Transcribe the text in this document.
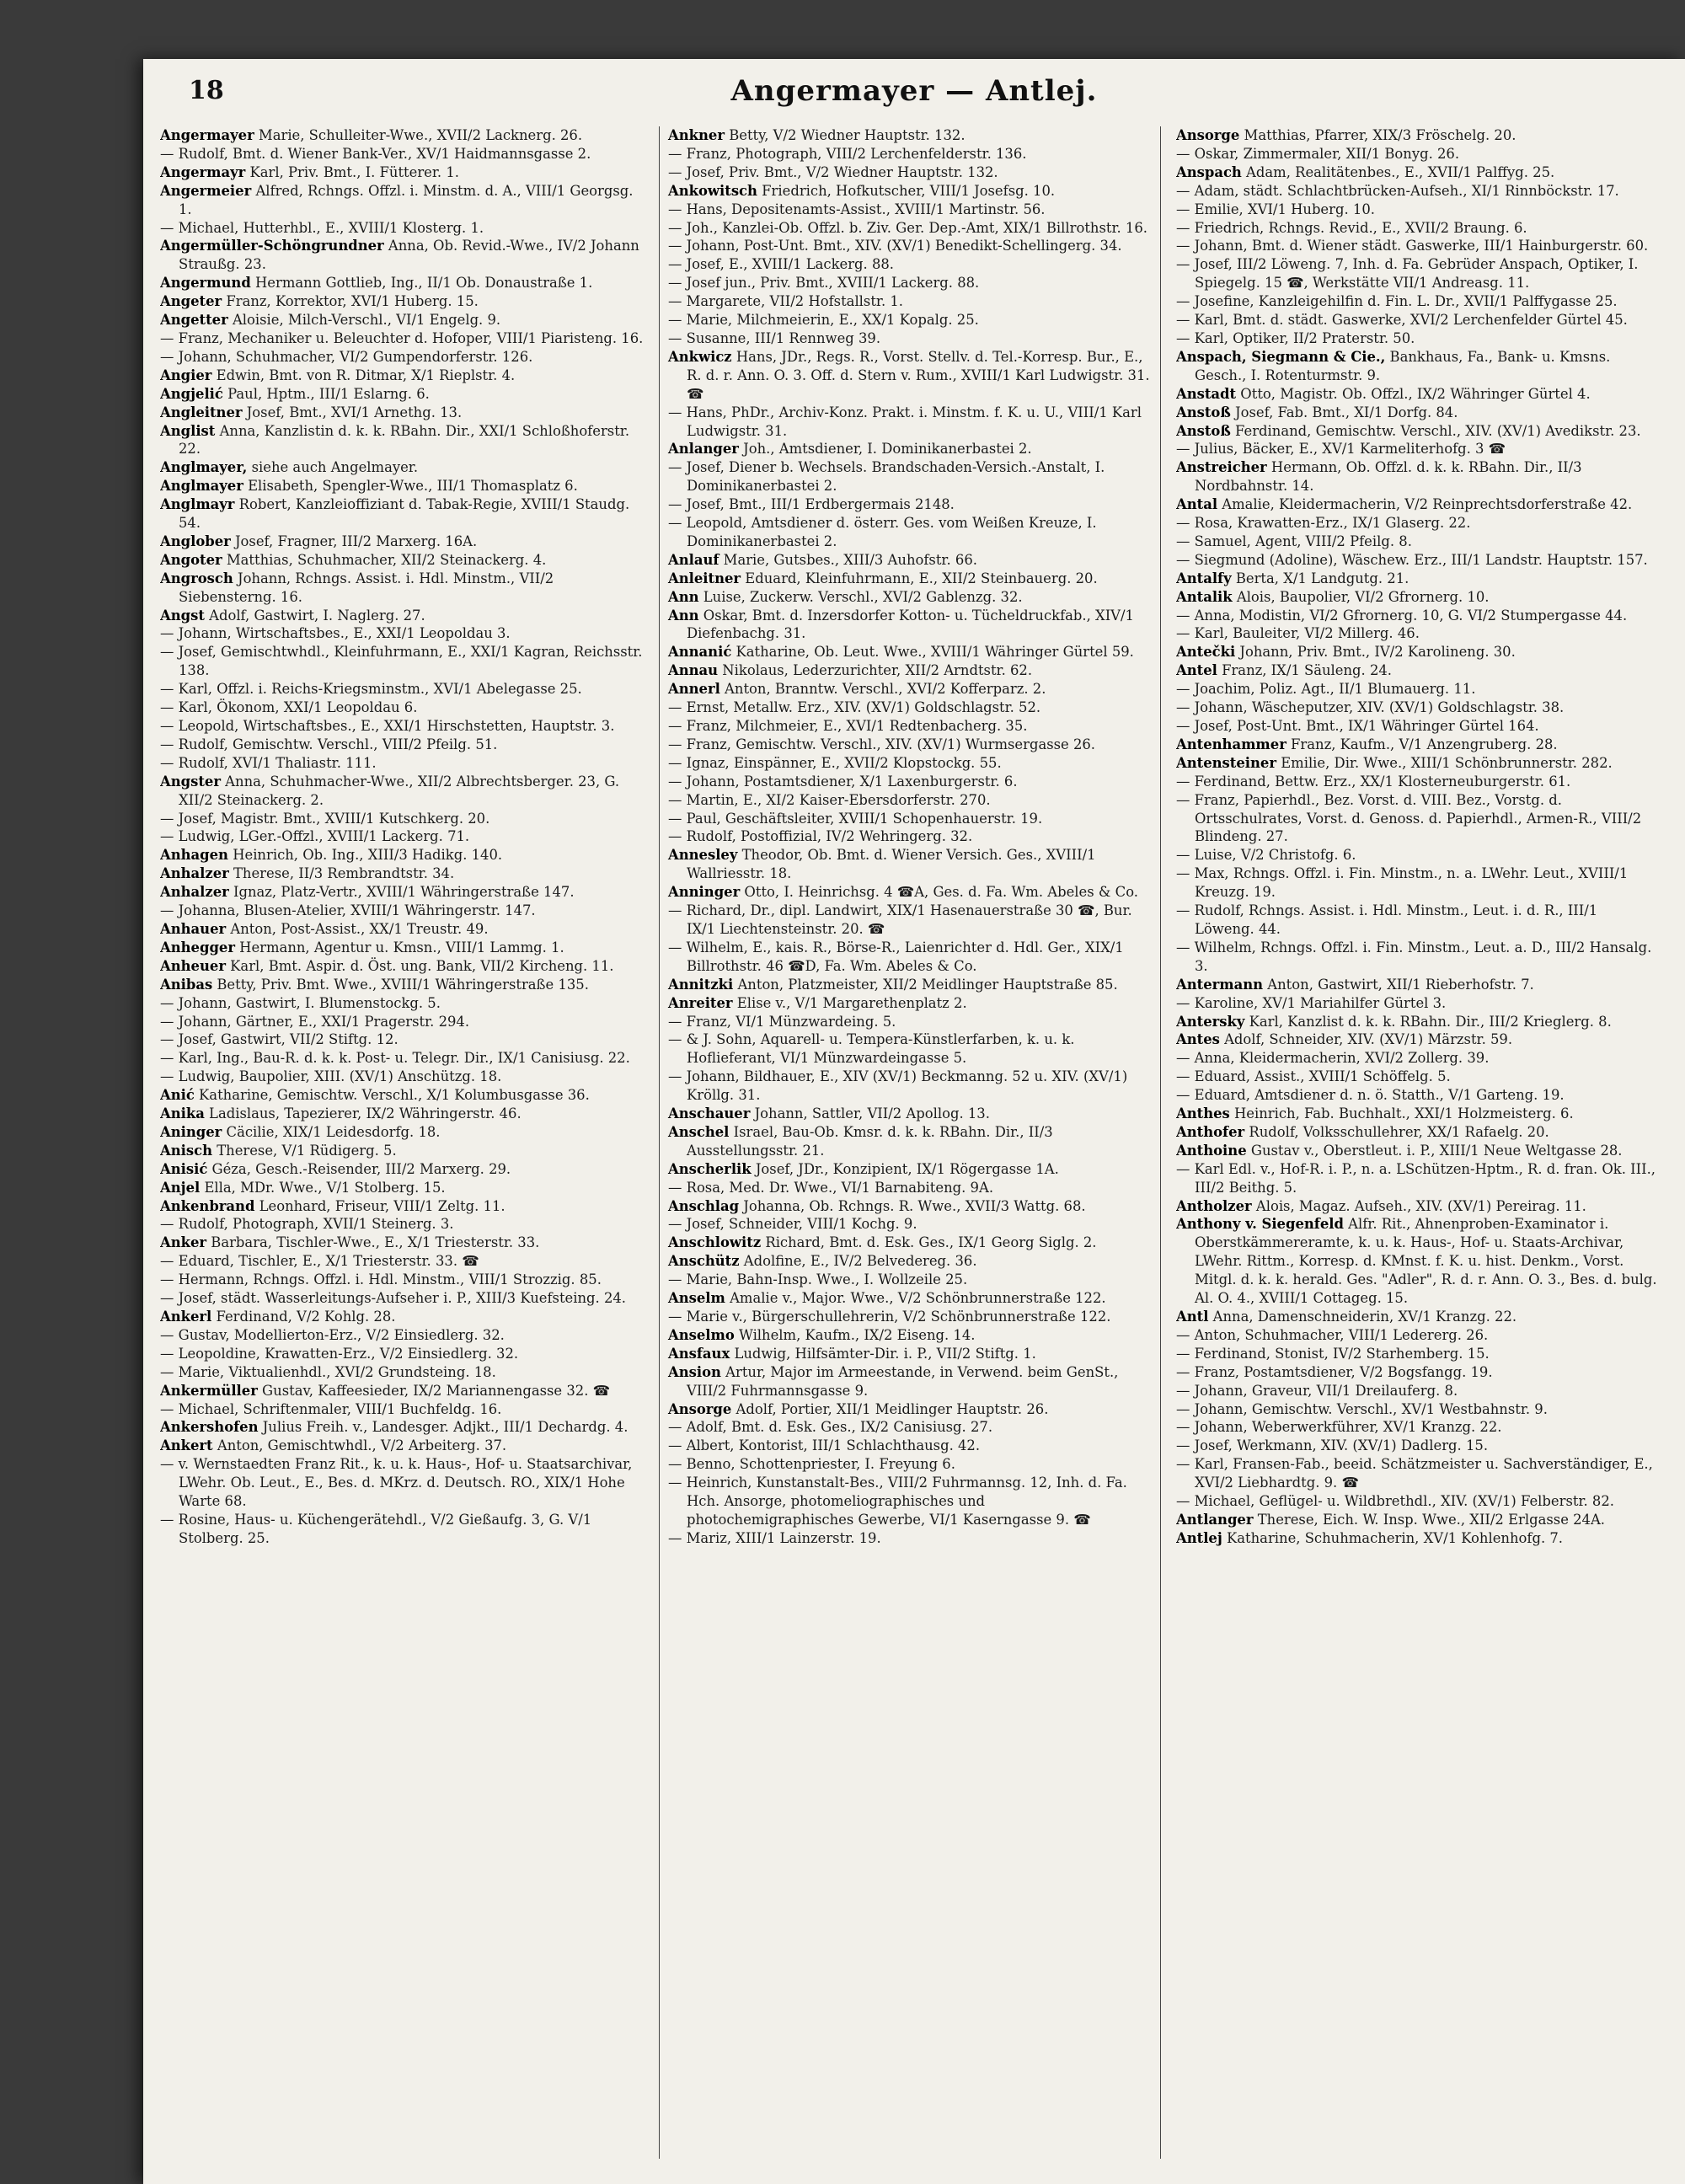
18	Angermayer — Antlej.

Angermayer Marie, Schulleiter-Wwe., XVII/2 Lacknerg. 26.

— Rudolf, Bmt. d. Wiener Bank-Ver., XV/1 Haidmannsgasse 2.

Angermayr Karl, Priv. Bmt., I. Fütterer. 1.

Angermeier Alfred, Rchngs. Offzl. i. Minstm. d. A., VIII/1 Georgsg. 1.

— Michael, Hutterhbl., E., XVIII/1 Klosterg. 1.

Angermüller-Schöngrundner Anna, Ob. Revid.-Wwe., IV/2 Johann Straußg. 23.

Angermund Hermann Gottlieb, Ing., II/1 Ob. Donaustraße 1.

Angeter Franz, Korrektor, XVI/1 Huberg. 15.

Angetter Aloisie, Milch-Verschl., VI/1 Engelg. 9.

— Franz, Mechaniker u. Beleuchter d. Hofoper, VIII/1 Piaristeng. 16.

— Johann, Schuhmacher, VI/2 Gumpendorferstr. 126.

Angier Edwin, Bmt. von R. Ditmar, X/1 Rieplstr. 4.

Angjelić Paul, Hptm., III/1 Eslarng. 6.

Angleitner Josef, Bmt., XVI/1 Arnethg. 13.

Anglist Anna, Kanzlistin d. k. k. RBahn. Dir., XXI/1 Schloßhoferstr. 22.

Anglmayer, siehe auch Angelmayer.

Anglmayer Elisabeth, Spengler-Wwe., III/1 Thomasplatz 6.

Anglmayr Robert, Kanzleioffiziant d. Tabak-Regie, XVIII/1 Staudg. 54.

Anglober Josef, Fragner, III/2 Marxerg. 16A.

Angoter Matthias, Schuhmacher, XII/2 Steinackerg. 4.

Angrosch Johann, Rchngs. Assist. i. Hdl. Minstm., VII/2 Siebensterng. 16.

Angst Adolf, Gastwirt, I. Naglerg. 27.

— Johann, Wirtschaftsbes., E., XXI/1 Leopoldau 3.

— Josef, Gemischtwhdl., Kleinfuhrmann, E., XXI/1 Kagran, Reichsstr. 138.

— Karl, Offzl. i. Reichs-Kriegsminstm., XVI/1 Abelegasse 25.

— Karl, Ökonom, XXI/1 Leopoldau 6.

— Leopold, Wirtschaftsbes., E., XXI/1 Hirschstetten, Hauptstr. 3.

— Rudolf, Gemischtw. Verschl., VIII/2 Pfeilg. 51.

— Rudolf, XVI/1 Thaliastr. 111.

Angster Anna, Schuhmacher-Wwe., XII/2 Albrechtsberger. 23, G. XII/2 Steinackerg. 2.

— Josef, Magistr. Bmt., XVIII/1 Kutschkerg. 20.

— Ludwig, LGer.-Offzl., XVIII/1 Lackerg. 71.

Anhagen Heinrich, Ob. Ing., XIII/3 Hadikg. 140.

Anhalzer Therese, II/3 Rembrandtstr. 34.

Anhalzer Ignaz, Platz-Vertr., XVIII/1 Währingerstraße 147.

— Johanna, Blusen-Atelier, XVIII/1 Währingerstr. 147.

Anhauer Anton, Post-Assist., XX/1 Treustr. 49.

Anhegger Hermann, Agentur u. Kmsn., VIII/1 Lammg. 1.

Anheuer Karl, Bmt. Aspir. d. Öst. ung. Bank, VII/2 Kircheng. 11.

Anibas Betty, Priv. Bmt. Wwe., XVIII/1 Währingerstraße 135.

— Johann, Gastwirt, I. Blumenstockg. 5.

— Johann, Gärtner, E., XXI/1 Pragerstr. 294.

— Josef, Gastwirt, VII/2 Stiftg. 12.

— Karl, Ing., Bau-R. d. k. k. Post- u. Telegr. Dir., IX/1 Canisiusg. 22.

— Ludwig, Baupolier, XIII. (XV/1) Anschützg. 18.

Anić Katharine, Gemischtw. Verschl., X/1 Kolumbusgasse 36.

Anika Ladislaus, Tapezierer, IX/2 Währingerstr. 46.

Aninger Cäcilie, XIX/1 Leidesdorfg. 18.

Anisch Therese, V/1 Rüdigerg. 5.

Anisić Géza, Gesch.-Reisender, III/2 Marxerg. 29.

Anjel Ella, MDr. Wwe., V/1 Stolberg. 15.

Ankenbrand Leonhard, Friseur, VIII/1 Zeltg. 11.

— Rudolf, Photograph, XVII/1 Steinerg. 3.

Anker Barbara, Tischler-Wwe., E., X/1 Triesterstr. 33.

— Eduard, Tischler, E., X/1 Triesterstr. 33. ☎

— Hermann, Rchngs. Offzl. i. Hdl. Minstm., VIII/1 Strozzig. 85.

— Josef, städt. Wasserleitungs-Aufseher i. P., XIII/3 Kuefsteing. 24.

Ankerl Ferdinand, V/2 Kohlg. 28.

— Gustav, Modellierton-Erz., V/2 Einsiedlerg. 32.

— Leopoldine, Krawatten-Erz., V/2 Einsiedlerg. 32.

— Marie, Viktualienhdl., XVI/2 Grundsteing. 18.

Ankermüller Gustav, Kaffeesieder, IX/2 Mariannengasse 32. ☎

— Michael, Schriftenmaler, VIII/1 Buchfeldg. 16.

Ankershofen Julius Freih. v., Landesger. Adjkt., III/1 Dechardg. 4.

Ankert Anton, Gemischtwhdl., V/2 Arbeiterg. 37.

— v. Wernstaedten Franz Rit., k. u. k. Haus-, Hof- u. Staatsarchivar, LWehr. Ob. Leut., E., Bes. d. MKrz. d. Deutsch. RO., XIX/1 Hohe Warte 68.

— Rosine, Haus- u. Küchengerätehdl., V/2 Gießaufg. 3, G. V/1 Stolberg. 25.

Ankner Betty, V/2 Wiedner Hauptstr. 132.

— Franz, Photograph, VIII/2 Lerchenfelderstr. 136.

— Josef, Priv. Bmt., V/2 Wiedner Hauptstr. 132.

Ankowitsch Friedrich, Hofkutscher, VIII/1 Josefsg. 10.

— Hans, Depositenamts-Assist., XVIII/1 Martinstr. 56.

— Joh., Kanzlei-Ob. Offzl. b. Ziv. Ger. Dep.-Amt, XIX/1 Billrothstr. 16.

— Johann, Post-Unt. Bmt., XIV. (XV/1) Benedikt-Schellingerg. 34.

— Josef, E., XVIII/1 Lackerg. 88.

— Josef jun., Priv. Bmt., XVIII/1 Lackerg. 88.

— Margarete, VII/2 Hofstallstr. 1.

— Marie, Milchmeierin, E., XX/1 Kopalg. 25.

— Susanne, III/1 Rennweg 39.

Ankwicz Hans, JDr., Regs. R., Vorst. Stellv. d. Tel.-Korresp. Bur., E., R. d. r. Ann. O. 3. Off. d. Stern v. Rum., XVIII/1 Karl Ludwigstr. 31. ☎

— Hans, PhDr., Archiv-Konz. Prakt. i. Minstm. f. K. u. U., VIII/1 Karl Ludwigstr. 31.

Anlanger Joh., Amtsdiener, I. Dominikanerbastei 2.

— Josef, Diener b. Wechsels. Brandschaden-Versich.-Anstalt, I. Dominikanerbastei 2.

— Josef, Bmt., III/1 Erdbergermais 2148.

— Leopold, Amtsdiener d. österr. Ges. vom Weißen Kreuze, I. Dominikanerbastei 2.

Anlauf Marie, Gutsbes., XIII/3 Auhofstr. 66.

Anleitner Eduard, Kleinfuhrmann, E., XII/2 Steinbauerg. 20.

Ann Luise, Zuckerw. Verschl., XVI/2 Gablenzg. 32.

Ann Oskar, Bmt. d. Inzersdorfer Kotton- u. Tücheldruckfab., XIV/1 Diefenbachg. 31.

Annanić Katharine, Ob. Leut. Wwe., XVIII/1 Währinger Gürtel 59.

Annau Nikolaus, Lederzurichter, XII/2 Arndtstr. 62.

Annerl Anton, Branntw. Verschl., XVI/2 Kofferparz. 2.

— Ernst, Metallw. Erz., XIV. (XV/1) Goldschlagstr. 52.

— Franz, Milchmeier, E., XVI/1 Redtenbacherg. 35.

— Franz, Gemischtw. Verschl., XIV. (XV/1) Wurmsergasse 26.

— Ignaz, Einspänner, E., XVII/2 Klopstockg. 55.

— Johann, Postamtsdiener, X/1 Laxenburgerstr. 6.

— Martin, E., XI/2 Kaiser-Ebersdorferstr. 270.

— Paul, Geschäftsleiter, XVIII/1 Schopenhauerstr. 19.

— Rudolf, Postoffizial, IV/2 Wehringerg. 32.

Annesley Theodor, Ob. Bmt. d. Wiener Versich. Ges., XVIII/1 Wallriesstr. 18.

Anninger Otto, I. Heinrichsg. 4 ☎A, Ges. d. Fa. Wm. Abeles & Co.

— Richard, Dr., dipl. Landwirt, XIX/1 Hasenauerstraße 30 ☎, Bur. IX/1 Liechtensteinstr. 20. ☎

— Wilhelm, E., kais. R., Börse-R., Laienrichter d. Hdl. Ger., XIX/1 Billrothstr. 46 ☎D, Fa. Wm. Abeles & Co.

Annitzki Anton, Platzmeister, XII/2 Meidlinger Hauptstraße 85.

Anreiter Elise v., V/1 Margarethenplatz 2.

— Franz, VI/1 Münzwardeing. 5.

— & J. Sohn, Aquarell- u. Tempera-Künstlerfarben, k. u. k. Hoflieferant, VI/1 Münzwardeingasse 5.

— Johann, Bildhauer, E., XIV (XV/1) Beckmanng. 52 u. XIV. (XV/1) Kröllg. 31.

Anschauer Johann, Sattler, VII/2 Apollog. 13.

Anschel Israel, Bau-Ob. Kmsr. d. k. k. RBahn. Dir., II/3 Ausstellungsstr. 21.

Anscherlik Josef, JDr., Konzipient, IX/1 Rögergasse 1A.

— Rosa, Med. Dr. Wwe., VI/1 Barnabiteng. 9A.

Anschlag Johanna, Ob. Rchngs. R. Wwe., XVII/3 Wattg. 68.

— Josef, Schneider, VIII/1 Kochg. 9.

Anschlowitz Richard, Bmt. d. Esk. Ges., IX/1 Georg Siglg. 2.

Anschütz Adolfine, E., IV/2 Belvedereg. 36.

— Marie, Bahn-Insp. Wwe., I. Wollzeile 25.

Anselm Amalie v., Major. Wwe., V/2 Schönbrunnerstraße 122.

— Marie v., Bürgerschullehrerin, V/2 Schönbrunnerstraße 122.

Anselmo Wilhelm, Kaufm., IX/2 Eiseng. 14.

Ansfaux Ludwig, Hilfsämter-Dir. i. P., VII/2 Stiftg. 1.

Ansion Artur, Major im Armeestande, in Verwend. beim GenSt., VIII/2 Fuhrmannsgasse 9.

Ansorge Adolf, Portier, XII/1 Meidlinger Hauptstr. 26.

— Adolf, Bmt. d. Esk. Ges., IX/2 Canisiusg. 27.

— Albert, Kontorist, III/1 Schlachthausg. 42.

— Benno, Schottenpriester, I. Freyung 6.

— Heinrich, Kunstanstalt-Bes., VIII/2 Fuhrmannsg. 12, Inh. d. Fa. Hch. Ansorge, photomeliographisches und photochemigraphisches Gewerbe, VI/1 Kaserngasse 9. ☎

— Mariz, XIII/1 Lainzerstr. 19.

Ansorge Matthias, Pfarrer, XIX/3 Fröschelg. 20.

— Oskar, Zimmermaler, XII/1 Bonyg. 26.

Anspach Adam, Realitätenbes., E., XVII/1 Palffyg. 25.

— Adam, städt. Schlachtbrücken-Aufseh., XI/1 Rinnböckstr. 17.

— Emilie, XVI/1 Huberg. 10.

— Friedrich, Rchngs. Revid., E., XVII/2 Braung. 6.

— Johann, Bmt. d. Wiener städt. Gaswerke, III/1 Hainburgerstr. 60.

— Josef, III/2 Löweng. 7, Inh. d. Fa. Gebrüder Anspach, Optiker, I. Spiegelg. 15 ☎, Werkstätte VII/1 Andreasg. 11.

— Josefine, Kanzleigehilfin d. Fin. L. Dr., XVII/1 Palffygasse 25.

— Karl, Bmt. d. städt. Gaswerke, XVI/2 Lerchenfelder Gürtel 45.

— Karl, Optiker, II/2 Praterstr. 50.

Anspach, Siegmann & Cie., Bankhaus, Fa., Bank- u. Kmsns. Gesch., I. Rotenturmstr. 9.

Anstadt Otto, Magistr. Ob. Offzl., IX/2 Währinger Gürtel 4.

Anstoß Josef, Fab. Bmt., XI/1 Dorfg. 84.

Anstoß Ferdinand, Gemischtw. Verschl., XIV. (XV/1) Avedikstr. 23.

— Julius, Bäcker, E., XV/1 Karmeliterhofg. 3 ☎

Anstreicher Hermann, Ob. Offzl. d. k. k. RBahn. Dir., II/3 Nordbahnstr. 14.

Antal Amalie, Kleidermacherin, V/2 Reinprechtsdorferstraße 42.

— Rosa, Krawatten-Erz., IX/1 Glaserg. 22.

— Samuel, Agent, VIII/2 Pfeilg. 8.

— Siegmund (Adoline), Wäschew. Erz., III/1 Landstr. Hauptstr. 157.

Antalfy Berta, X/1 Landgutg. 21.

Antalik Alois, Baupolier, VI/2 Gfrornerg. 10.

— Anna, Modistin, VI/2 Gfrornerg. 10, G. VI/2 Stumpergasse 44.

— Karl, Bauleiter, VI/2 Millerg. 46.

Antečki Johann, Priv. Bmt., IV/2 Karolineng. 30.

Antel Franz, IX/1 Säuleng. 24.

— Joachim, Poliz. Agt., II/1 Blumauerg. 11.

— Johann, Wäscheputzer, XIV. (XV/1) Goldschlagstr. 38.

— Josef, Post-Unt. Bmt., IX/1 Währinger Gürtel 164.

Antenhammer Franz, Kaufm., V/1 Anzengruberg. 28.

Antensteiner Emilie, Dir. Wwe., XIII/1 Schönbrunnerstr. 282.

— Ferdinand, Bettw. Erz., XX/1 Klosterneuburgerstr. 61.

— Franz, Papierhdl., Bez. Vorst. d. VIII. Bez., Vorstg. d. Ortsschulrates, Vorst. d. Genoss. d. Papierhdl., Armen-R., VIII/2 Blindeng. 27.

— Luise, V/2 Christofg. 6.

— Max, Rchngs. Offzl. i. Fin. Minstm., n. a. LWehr. Leut., XVIII/1 Kreuzg. 19.

— Rudolf, Rchngs. Assist. i. Hdl. Minstm., Leut. i. d. R., III/1 Löweng. 44.

— Wilhelm, Rchngs. Offzl. i. Fin. Minstm., Leut. a. D., III/2 Hansalg. 3.

Antermann Anton, Gastwirt, XII/1 Rieberhofstr. 7.

— Karoline, XV/1 Mariahilfer Gürtel 3.

Antersky Karl, Kanzlist d. k. k. RBahn. Dir., III/2 Krieglerg. 8.

Antes Adolf, Schneider, XIV. (XV/1) Märzstr. 59.

— Anna, Kleidermacherin, XVI/2 Zollerg. 39.

— Eduard, Assist., XVIII/1 Schöffelg. 5.

— Eduard, Amtsdiener d. n. ö. Statth., V/1 Garteng. 19.

Anthes Heinrich, Fab. Buchhalt., XXI/1 Holzmeisterg. 6.

Anthofer Rudolf, Volksschullehrer, XX/1 Rafaelg. 20.

Anthoine Gustav v., Oberstleut. i. P., XIII/1 Neue Weltgasse 28.

— Karl Edl. v., Hof-R. i. P., n. a. LSchützen-Hptm., R. d. fran. Ok. III., III/2 Beithg. 5.

Antholzer Alois, Magaz. Aufseh., XIV. (XV/1) Pereirag. 11.

Anthony v. Siegenfeld Alfr. Rit., Ahnenproben-Examinator i. Oberstkämmereramte, k. u. k. Haus-, Hof- u. Staats-Archivar, LWehr. Rittm., Korresp. d. KMnst. f. K. u. hist. Denkm., Vorst. Mitgl. d. k. k. herald. Ges. "Adler", R. d. r. Ann. O. 3., Bes. d. bulg. Al. O. 4., XVIII/1 Cottageg. 15.

Antl Anna, Damenschneiderin, XV/1 Kranzg. 22.

— Anton, Schuhmacher, VIII/1 Ledererg. 26.

— Ferdinand, Stonist, IV/2 Starhemberg. 15.

— Franz, Postamtsdiener, V/2 Bogsfangg. 19.

— Johann, Graveur, VII/1 Dreilauferg. 8.

— Johann, Gemischtw. Verschl., XV/1 Westbahnstr. 9.

— Johann, Weberwerkführer, XV/1 Kranzg. 22.

— Josef, Werkmann, XIV. (XV/1) Dadlerg. 15.

— Karl, Fransen-Fab., beeid. Schätzmeister u. Sachverständiger, E., XVI/2 Liebhardtg. 9. ☎

— Michael, Geflügel- u. Wildbrethdl., XIV. (XV/1) Felberstr. 82.

Antlanger Therese, Eich. W. Insp. Wwe., XII/2 Erlgasse 24A.

Antlej Katharine, Schuhmacherin, XV/1 Kohlenhofg. 7.
